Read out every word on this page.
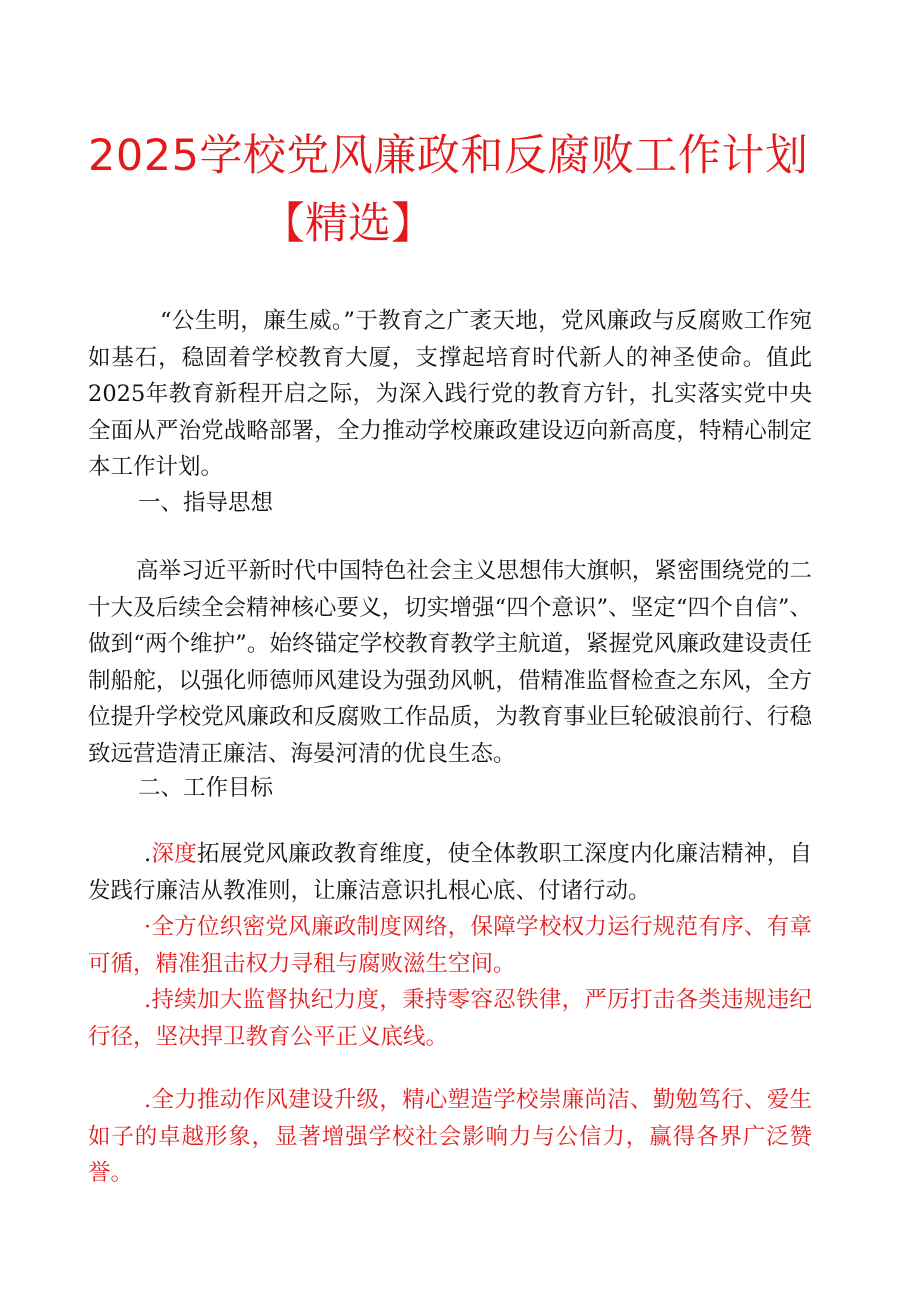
2025学校党风廉政和反腐败工作计划
【精选】

“公生明，廉生威。”于教育之广袤天地，党风廉政与反腐败工作宛如基石，稳固着学校教育大厦，支撑起培育时代新人的神圣使命。值此2025年教育新程开启之际，为深入践行党的教育方针，扎实落实党中央全面从严治党战略部署，全力推动学校廉政建设迈向新高度，特精心制定本工作计划。

一、指导思想

高举习近平新时代中国特色社会主义思想伟大旗帜，紧密围绕党的二十大及后续全会精神核心要义，切实增强“四个意识”、坚定“四个自信”、做到“两个维护”。始终锚定学校教育教学主航道，紧握党风廉政建设责任制船舵，以强化师德师风建设为强劲风帆，借精准监督检查之东风，全方位提升学校党风廉政和反腐败工作品质，为教育事业巨轮破浪前行、行稳致远营造清正廉洁、海晏河清的优良生态。

二、工作目标

.深度拓展党风廉政教育维度，使全体教职工深度内化廉洁精神，自发践行廉洁从教准则，让廉洁意识扎根心底、付诸行动。

·全方位织密党风廉政制度网络，保障学校权力运行规范有序、有章可循，精准狙击权力寻租与腐败滋生空间。

.持续加大监督执纪力度，秉持零容忍铁律，严厉打击各类违规违纪行径，坚决捍卫教育公平正义底线。

.全力推动作风建设升级，精心塑造学校崇廉尚洁、勤勉笃行、爱生如子的卓越形象，显著增强学校社会影响力与公信力，赢得各界广泛赞誉。
